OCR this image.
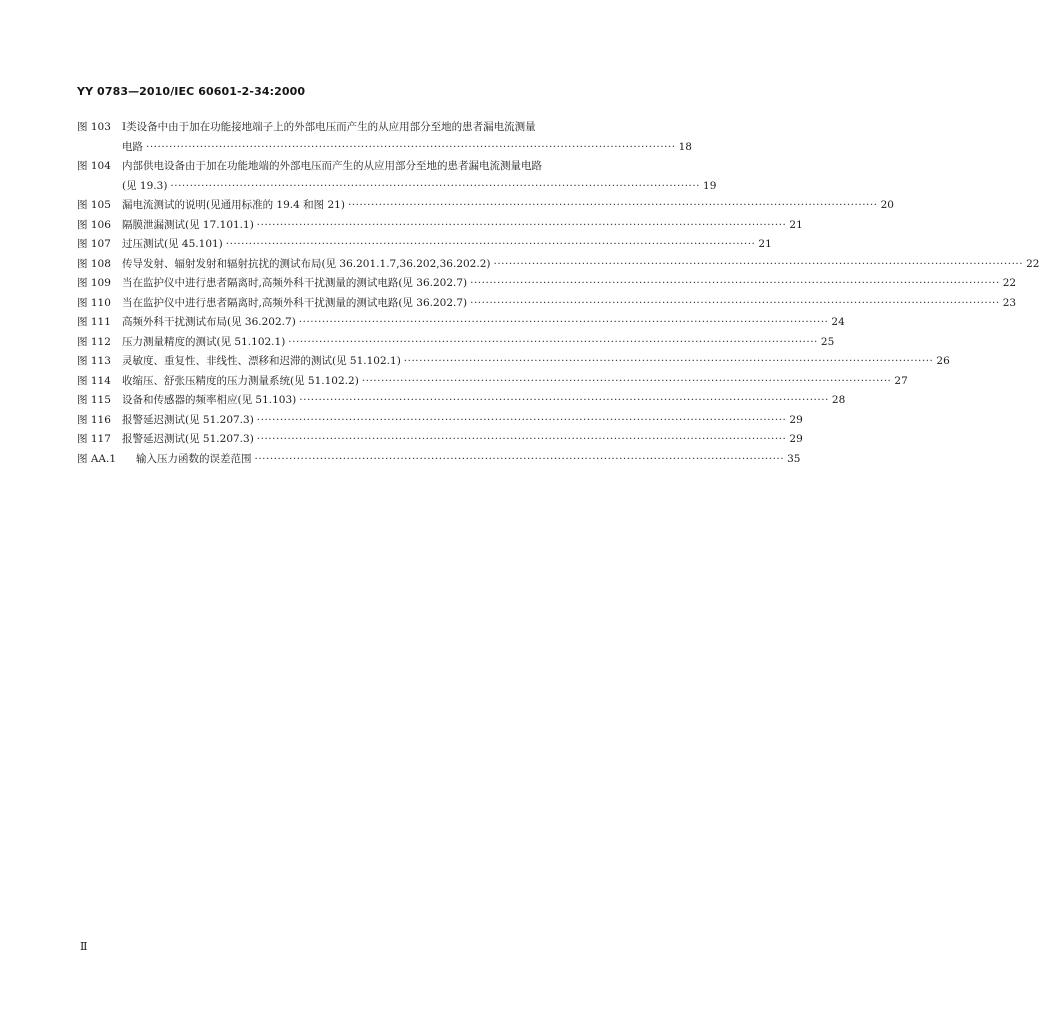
YY 0783—2010/IEC 60601-2-34:2000
图 103	Ⅰ类设备中由于加在功能接地端子上的外部电压而产生的从应用部分至地的患者漏电流测量
电路 ·········································································································································· 18
图 104	内部供电设备由于加在功能地端的外部电压而产生的从应用部分至地的患者漏电流测量电路
(见 19.3) ·········································································································································· 19
图 105	漏电流测试的说明(见通用标准的 19.4 和图 21) ·········································································································································· 20
图 106	隔膜泄漏测试(见 17.101.1) ·········································································································································· 21
图 107	过压测试(见 45.101) ·········································································································································· 21
图 108	传导发射、辐射发射和辐射抗扰的测试布局(见 36.201.1.7,36.202,36.202.2) ·········································································································································· 22
图 109	当在监护仪中进行患者隔离时,高频外科干扰测量的测试电路(见 36.202.7) ·········································································································································· 22
图 110	当在监护仪中进行患者隔离时,高频外科干扰测量的测试电路(见 36.202.7) ·········································································································································· 23
图 111	高频外科干扰测试布局(见 36.202.7) ·········································································································································· 24
图 112	压力测量精度的测试(见 51.102.1) ·········································································································································· 25
图 113	灵敏度、重复性、非线性、漂移和迟滞的测试(见 51.102.1) ·········································································································································· 26
图 114	收缩压、舒张压精度的压力测量系统(见 51.102.2) ·········································································································································· 27
图 115	设备和传感器的频率相应(见 51.103) ·········································································································································· 28
图 116	报警延迟测试(见 51.207.3) ·········································································································································· 29
图 117	报警延迟测试(见 51.207.3) ·········································································································································· 29
图 AA.1	输入压力函数的误差范围 ·········································································································································· 35
Ⅱ
